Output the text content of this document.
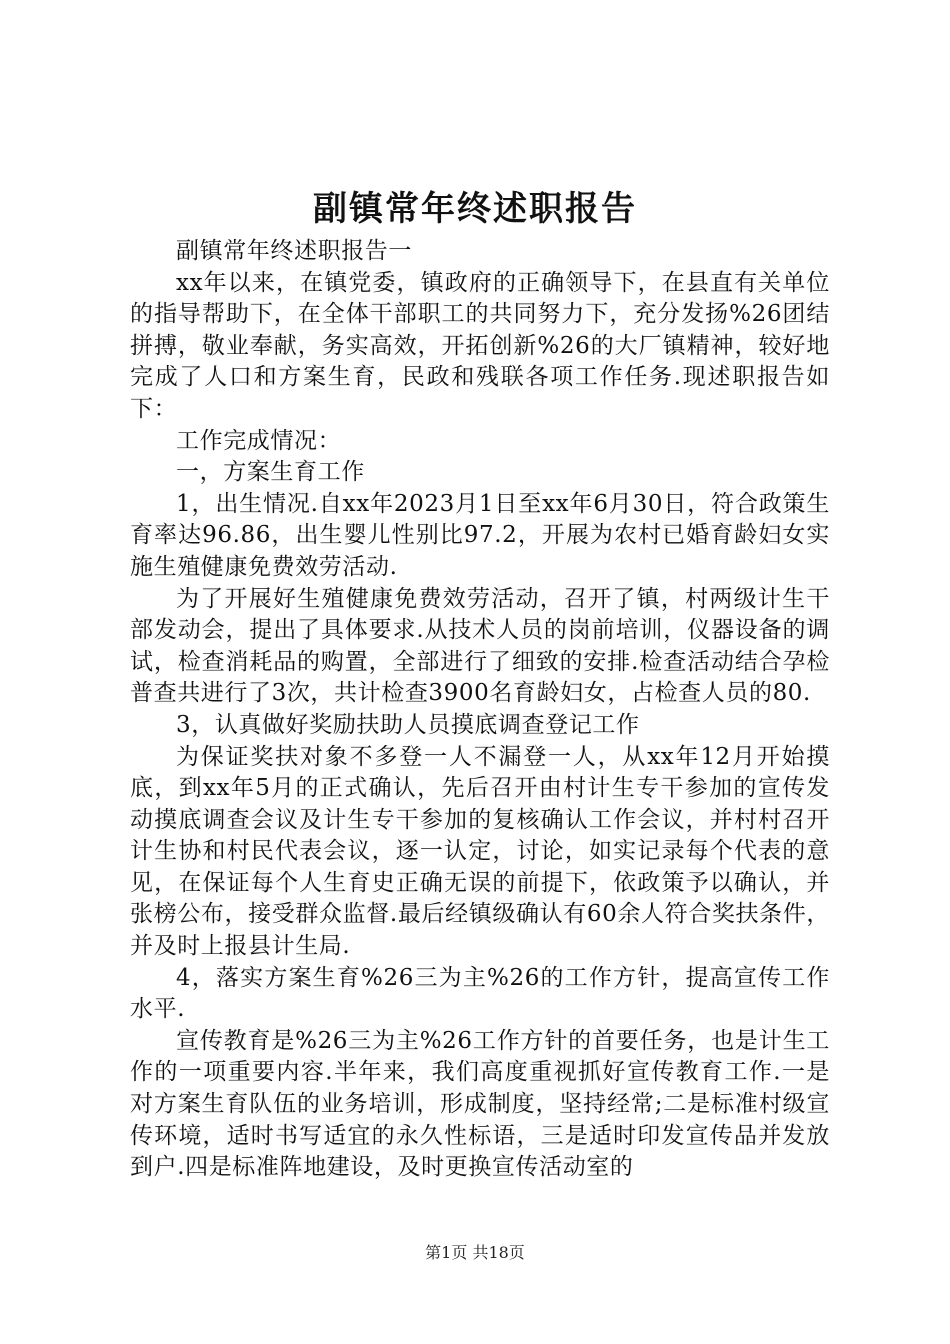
副镇常年终述职报告

副镇常年终述职报告一

xx年以来，在镇党委，镇政府的正确领导下，在县直有关单位的指导帮助下，在全体干部职工的共同努力下，充分发扬%26团结拼搏，敬业奉献，务实高效，开拓创新%26的大厂镇精神，较好地完成了人口和方案生育，民政和残联各项工作任务.现述职报告如下：

工作完成情况：

一，方案生育工作

1，出生情况.自xx年2023月1日至xx年6月30日，符合政策生育率达96.86，出生婴儿性别比97.2，开展为农村已婚育龄妇女实施生殖健康免费效劳活动.

为了开展好生殖健康免费效劳活动，召开了镇，村两级计生干部发动会，提出了具体要求.从技术人员的岗前培训，仪器设备的调试，检查消耗品的购置，全部进行了细致的安排.检查活动结合孕检普查共进行了3次，共计检查3900名育龄妇女，占检查人员的80.

3，认真做好奖励扶助人员摸底调查登记工作

为保证奖扶对象不多登一人不漏登一人，从xx年12月开始摸底，到xx年5月的正式确认，先后召开由村计生专干参加的宣传发动摸底调查会议及计生专干参加的复核确认工作会议，并村村召开计生协和村民代表会议，逐一认定，讨论，如实记录每个代表的意见，在保证每个人生育史正确无误的前提下，依政策予以确认，并张榜公布，接受群众监督.最后经镇级确认有60余人符合奖扶条件，并及时上报县计生局.

4，落实方案生育%26三为主%26的工作方针，提高宣传工作水平.

宣传教育是%26三为主%26工作方针的首要任务，也是计生工作的一项重要内容.半年来，我们高度重视抓好宣传教育工作.一是对方案生育队伍的业务培训，形成制度，坚持经常;二是标准村级宣传环境，适时书写适宜的永久性标语，三是适时印发宣传品并发放到户.四是标准阵地建设，及时更换宣传活动室的

第1页 共18页
